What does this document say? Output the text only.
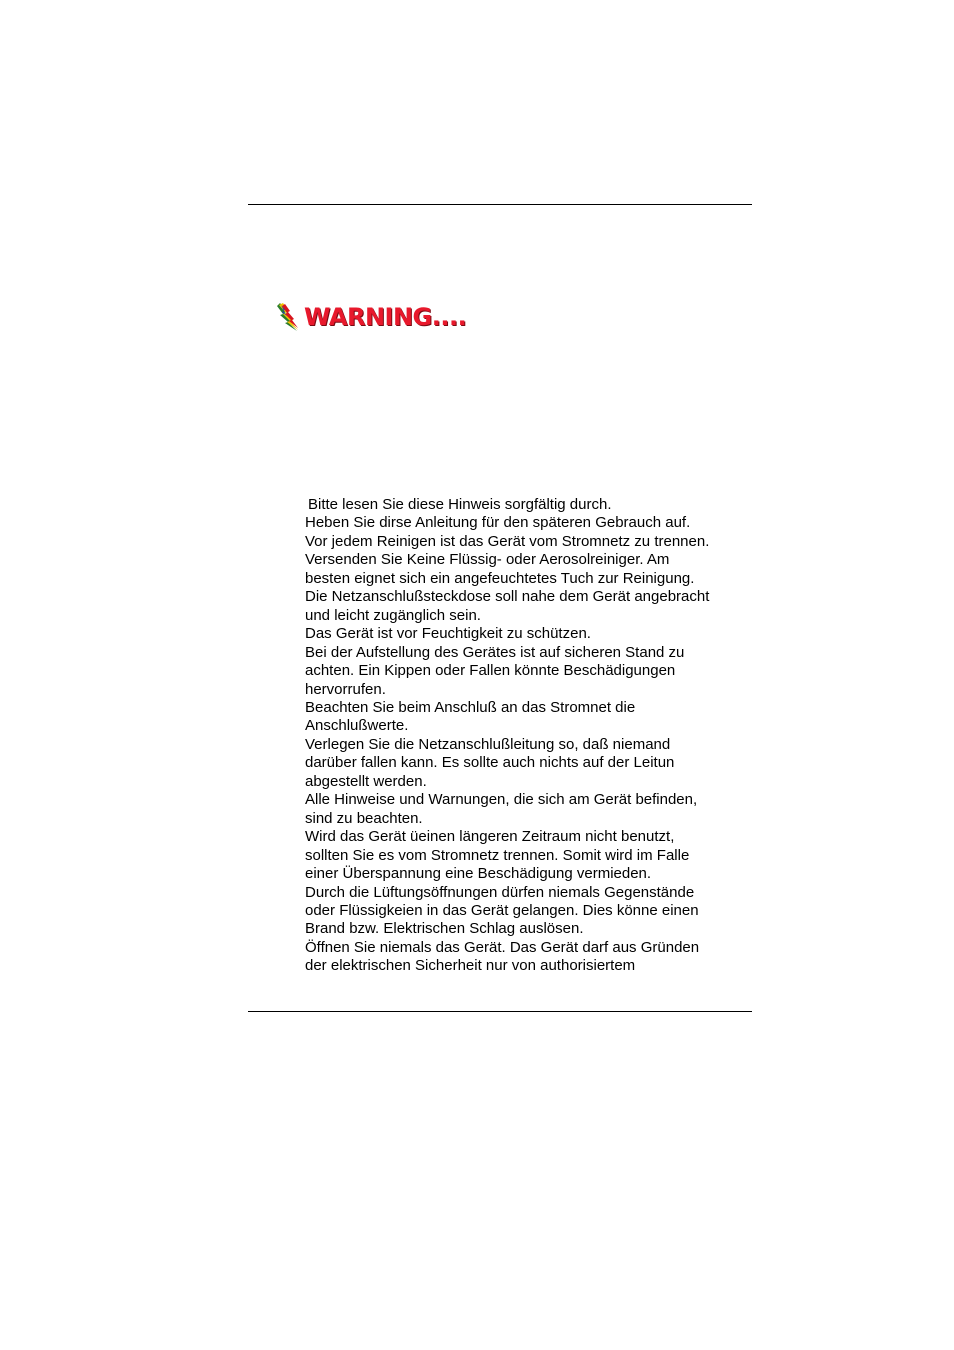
WARNING....
Bitte lesen Sie diese Hinweis sorgfältig durch.
Heben Sie dirse Anleitung für den späteren Gebrauch auf.
Vor jedem Reinigen ist das Gerät vom Stromnetz zu trennen.
Versenden Sie Keine Flüssig- oder Aerosolreiniger. Am
besten eignet sich ein angefeuchtetes Tuch zur Reinigung.
Die Netzanschlußsteckdose soll nahe dem Gerät angebracht
und leicht zugänglich sein.
Das Gerät ist vor Feuchtigkeit zu schützen.
Bei der Aufstellung des Gerätes ist auf sicheren Stand zu
achten. Ein Kippen oder Fallen könnte Beschädigungen
hervorrufen.
Beachten Sie beim Anschluß an das Stromnet die
Anschlußwerte.
Verlegen Sie die Netzanschlußleitung so, daß niemand
darüber fallen kann. Es sollte auch nichts auf der Leitun
abgestellt werden.
Alle Hinweise und Warnungen, die sich am Gerät befinden,
sind zu beachten.
Wird das Gerät üeinen längeren Zeitraum nicht benutzt,
sollten Sie es vom Stromnetz trennen. Somit wird im Falle
einer Überspannung eine Beschädigung vermieden.
Durch die Lüftungsöffnungen dürfen niemals Gegenstände
oder Flüssigkeien in das Gerät gelangen. Dies könne einen
Brand bzw. Elektrischen Schlag auslösen.
Öffnen Sie niemals das Gerät. Das Gerät darf aus Gründen
der elektrischen Sicherheit nur von authorisiertem
